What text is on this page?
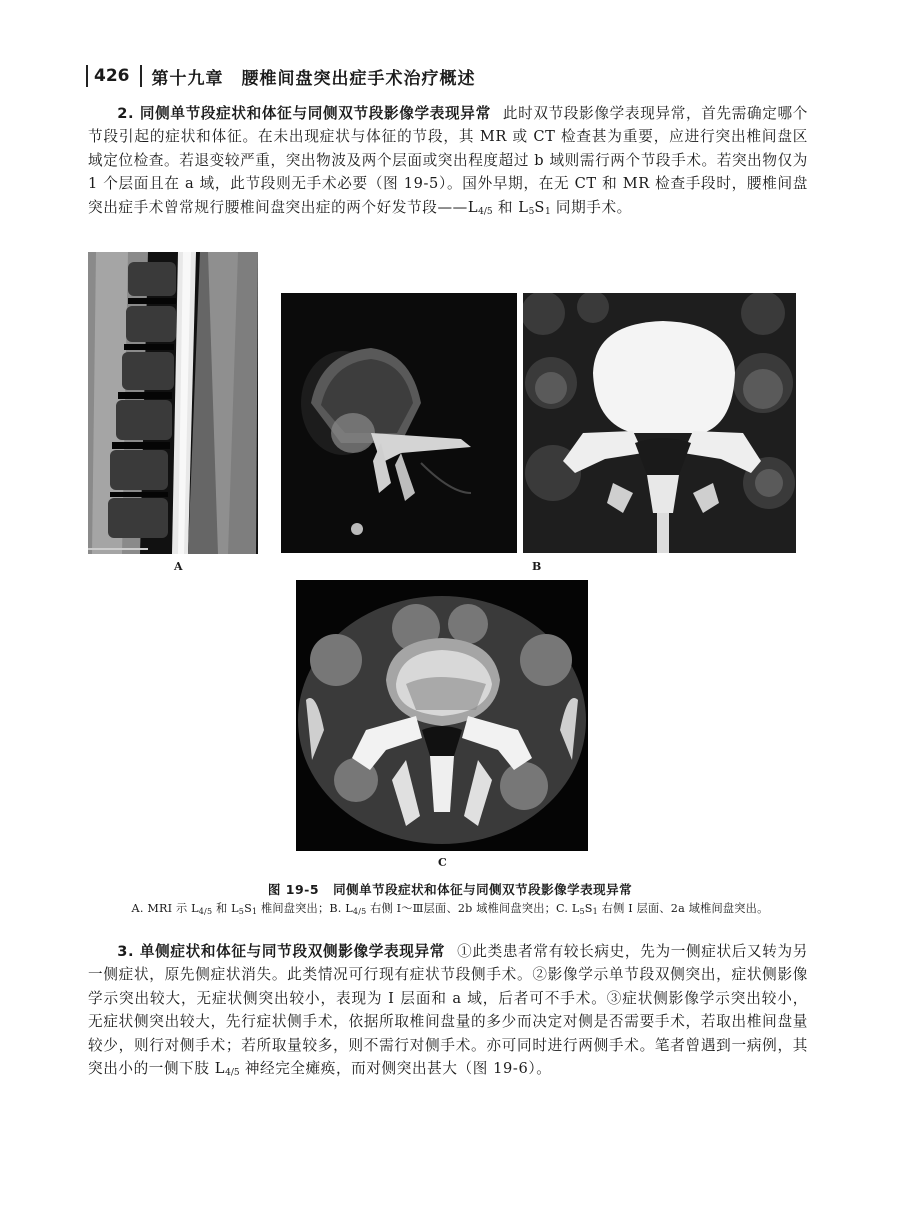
426	第十九章　腰椎间盘突出症手术治疗概述
2. 同侧单节段症状和体征与同侧双节段影像学表现异常 此时双节段影像学表现异常，首先需确定哪个节段引起的症状和体征。在未出现症状与体征的节段，其 MR 或 CT 检查甚为重要，应进行突出椎间盘区域定位检查。若退变较严重，突出物波及两个层面或突出程度超过 b 域则需行两个节段手术。若突出物仅为 1 个层面且在 a 域，此节段则无手术必要（图 19-5）。国外早期，在无 CT 和 MR 检查手段时，腰椎间盘突出症手术曾常规行腰椎间盘突出症的两个好发节段$——L_{4/5}$ 和 $L_5S_1$ 同期手术。
A	B
C
图 19-5 同侧单节段症状和体征与同侧双节段影像学表现异常
A. MRI 示 $L_{4/5}$ 和 $L_5S_1$ 椎间盘突出；B. $L_{4/5}$ 右侧 Ⅰ～Ⅲ层面、2b 域椎间盘突出；C. $L_5S_1$ 右侧 Ⅰ 层面、2a 域椎间盘突出。
3. 单侧症状和体征与同节段双侧影像学表现异常 ①此类患者常有较长病史，先为一侧症状后又转为另一侧症状，原先侧症状消失。此类情况可行现有症状节段侧手术。②影像学示单节段双侧突出，症状侧影像学示突出较大，无症状侧突出较小，表现为 Ⅰ 层面和 a 域，后者可不手术。③症状侧影像学示突出较小，无症状侧突出较大，先行症状侧手术，依据所取椎间盘量的多少而决定对侧是否需要手术，若取出椎间盘量较少，则行对侧手术；若所取量较多，则不需行对侧手术。亦可同时进行两侧手术。笔者曾遇到一病例，其突出小的一侧下肢 $L_{4/5}$ 神经完全瘫痪，而对侧突出甚大（图 19-6）。
